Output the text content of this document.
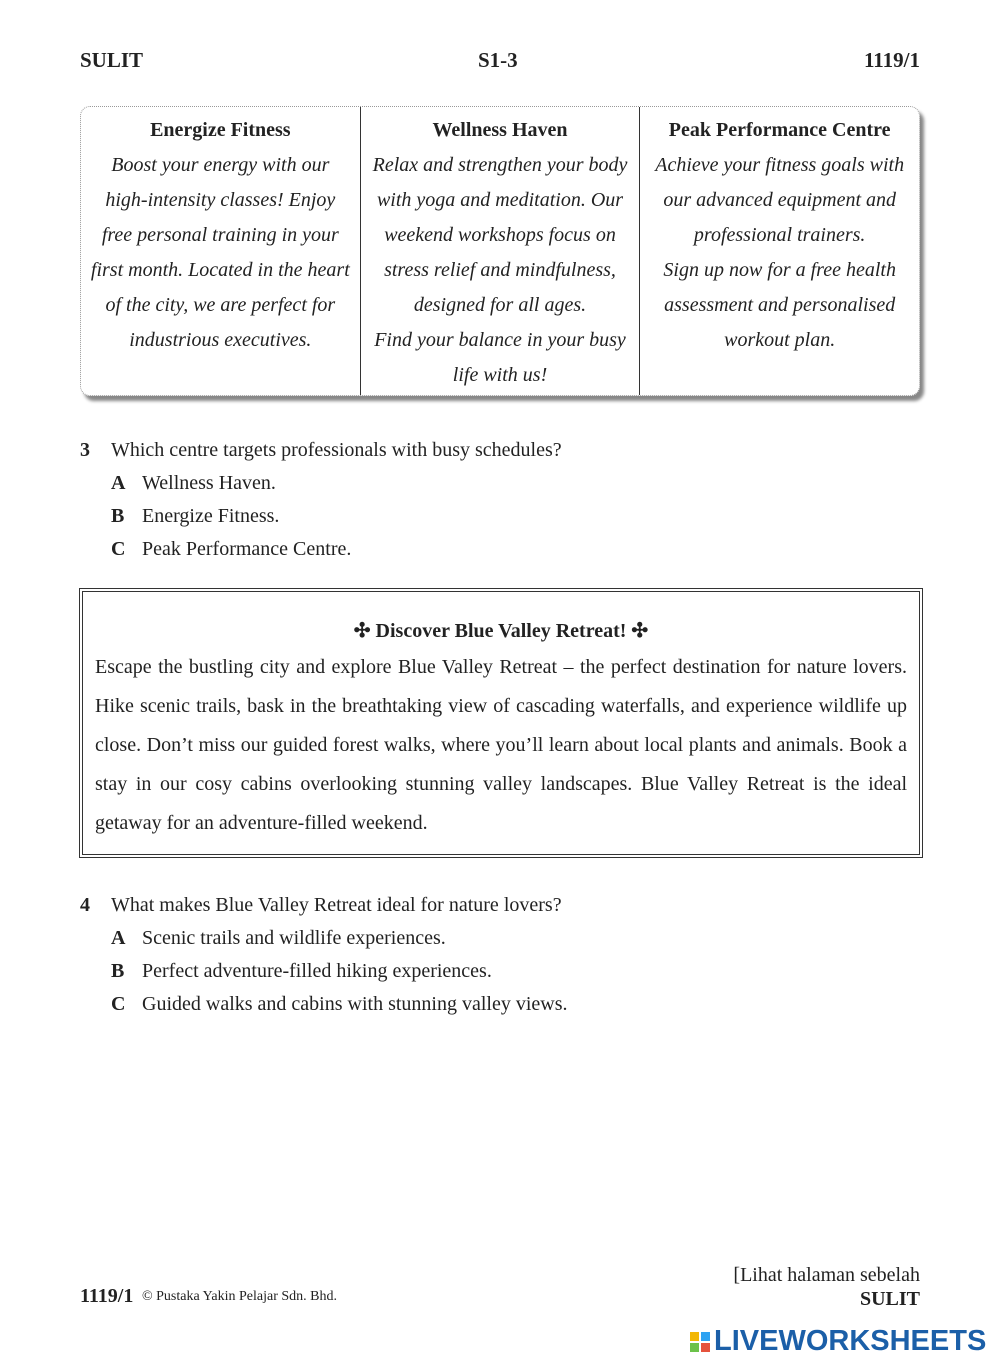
SULIT	S1-3	1119/1
Energize Fitness
Boost your energy with our
high-intensity classes! Enjoy
free personal training in your
first month. Located in the heart
of the city, we are perfect for
industrious executives.
Wellness Haven
Relax and strengthen your body
with yoga and meditation. Our
weekend workshops focus on
stress relief and mindfulness,
designed for all ages.
Find your balance in your busy
life with us!
Peak Performance Centre
Achieve your fitness goals with
our advanced equipment and
professional trainers.
Sign up now for a free health
assessment and personalised
workout plan.
3 Which centre targets professionals with busy schedules?
A Wellness Haven.
B Energize Fitness.
C Peak Performance Centre.
✣ Discover Blue Valley Retreat! ✣
Escape the bustling city and explore Blue Valley Retreat – the perfect destination for nature lovers. Hike scenic trails, bask in the breathtaking view of cascading waterfalls, and experience wildlife up close. Don’t miss our guided forest walks, where you’ll learn about local plants and animals. Book a stay in our cosy cabins overlooking stunning valley landscapes. Blue Valley Retreat is the ideal getaway for an adventure-filled weekend.
4 What makes Blue Valley Retreat ideal for nature lovers?
A Scenic trails and wildlife experiences.
B Perfect adventure-filled hiking experiences.
C Guided walks and cabins with stunning valley views.
1119/1 © Pustaka Yakin Pelajar Sdn. Bhd.
[Lihat halaman sebelah
SULIT
LIVEWORKSHEETS
